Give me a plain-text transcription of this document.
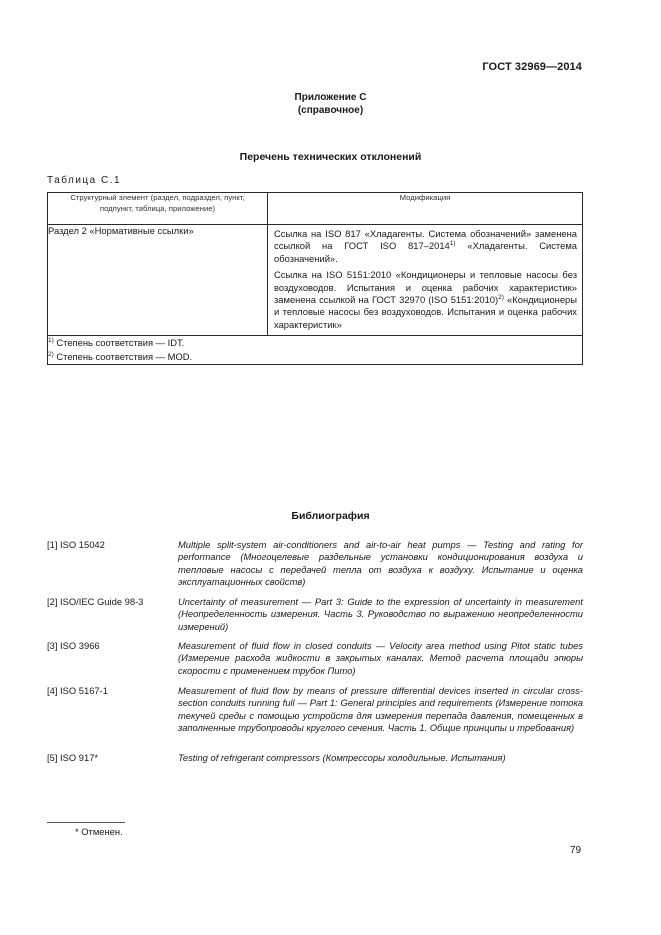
ГОСТ 32969—2014
Приложение С
(справочное)
Перечень технических отклонений
Таблица С.1
Структурный элемент (раздел, подраздел, пункт, подпункт, таблица, приложение)	Модификация
Раздел 2 «Нормативные ссылки»	Ссылка на ISO 817 «Хладагенты. Система обозначений» заменена ссылкой на ГОСТ ISO 817–2014$^{1)}$ «Хладагенты. Система обозначений».
Ссылка на ISO 5151:2010 «Кондиционеры и тепловые насосы без воздуховодов. Испытания и оценка рабочих характеристик» заменена ссылкой на ГОСТ 32970 (ISO 5151:2010)$^{2)}$ «Кондиционеры и тепловые насосы без воздуховодов. Испытания и оценка рабочих характеристик»

$^{1)}$ Степень соответствия — IDT.
$^{2)}$ Степень соответствия — MOD.	
Библиография
[1] ISO 15042	Multiple split-system air-conditioners and air-to-air heat pumps — Testing and rating for performance (Многоцелевые раздельные установки кондиционирования воздуха и тепловые насосы с передачей тепла от воздуха к воздуху. Испытание и оценка эксплуатационных свойств)
[2] ISO/IEC Guide 98-3	Uncertainty of measurement — Part 3: Guide to the expression of uncertainty in measurement (Неопределенность измерения. Часть 3. Руководство по выражению неопределенности измерений)
[3] ISO 3966	Measurement of fluid flow in closed conduits — Velocity area method using Pitot static tubes (Измерение расхода жидкости в закрытых каналах. Метод расчета площади эпюры скорости с применением трубок Пито)
[4] ISO 5167-1	Measurement of fluid flow by means of pressure differential devices inserted in circular cross-section conduits running full — Part 1: General principles and requirements (Измерение потока текучей среды с помощью устройств для измерения перепада давления, помещенных в заполненные трубопроводы круглого сечения. Часть 1. Общие принципы и требования)
[5] ISO 917*	Testing of refrigerant compressors (Компрессоры холодильные. Испытания)
* Отменен.
79
